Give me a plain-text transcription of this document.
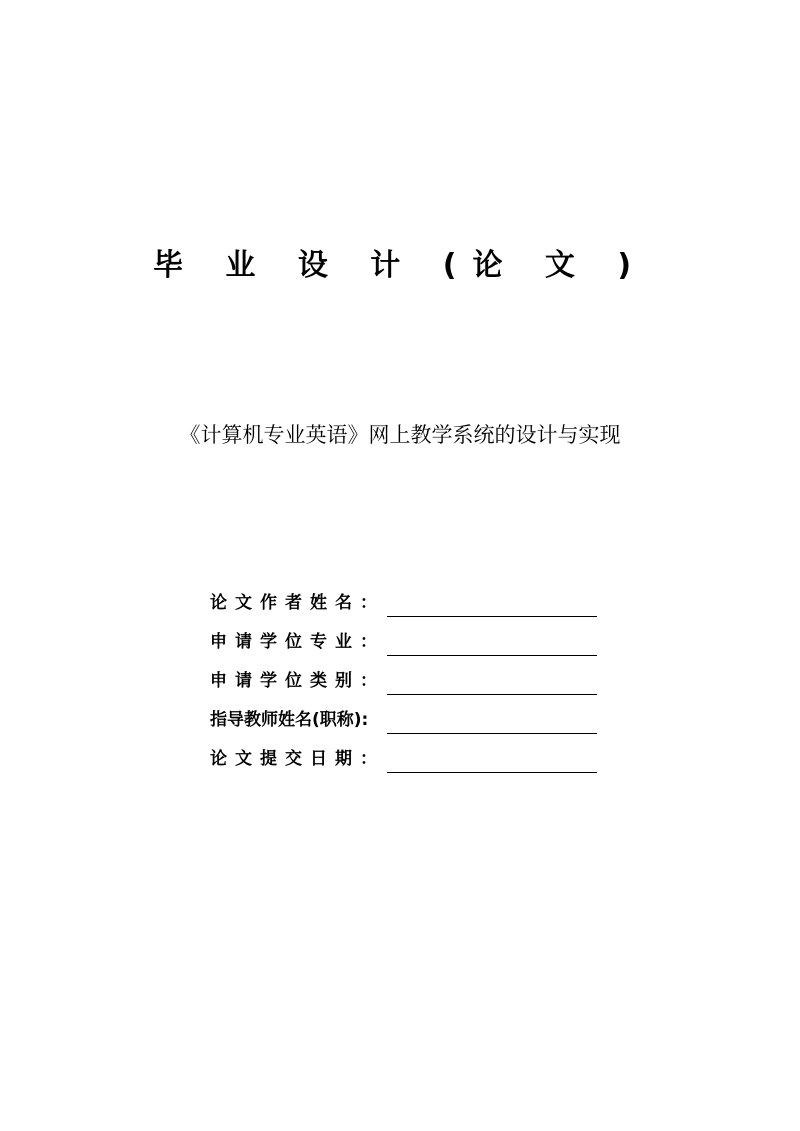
毕 业 设 计 (论 文 )
《计算机专业英语》网上教学系统的设计与实现
论文作者姓名：
申请学位专业：
申请学位类别：
指导教师姓名(职称):
论文提交日期：
